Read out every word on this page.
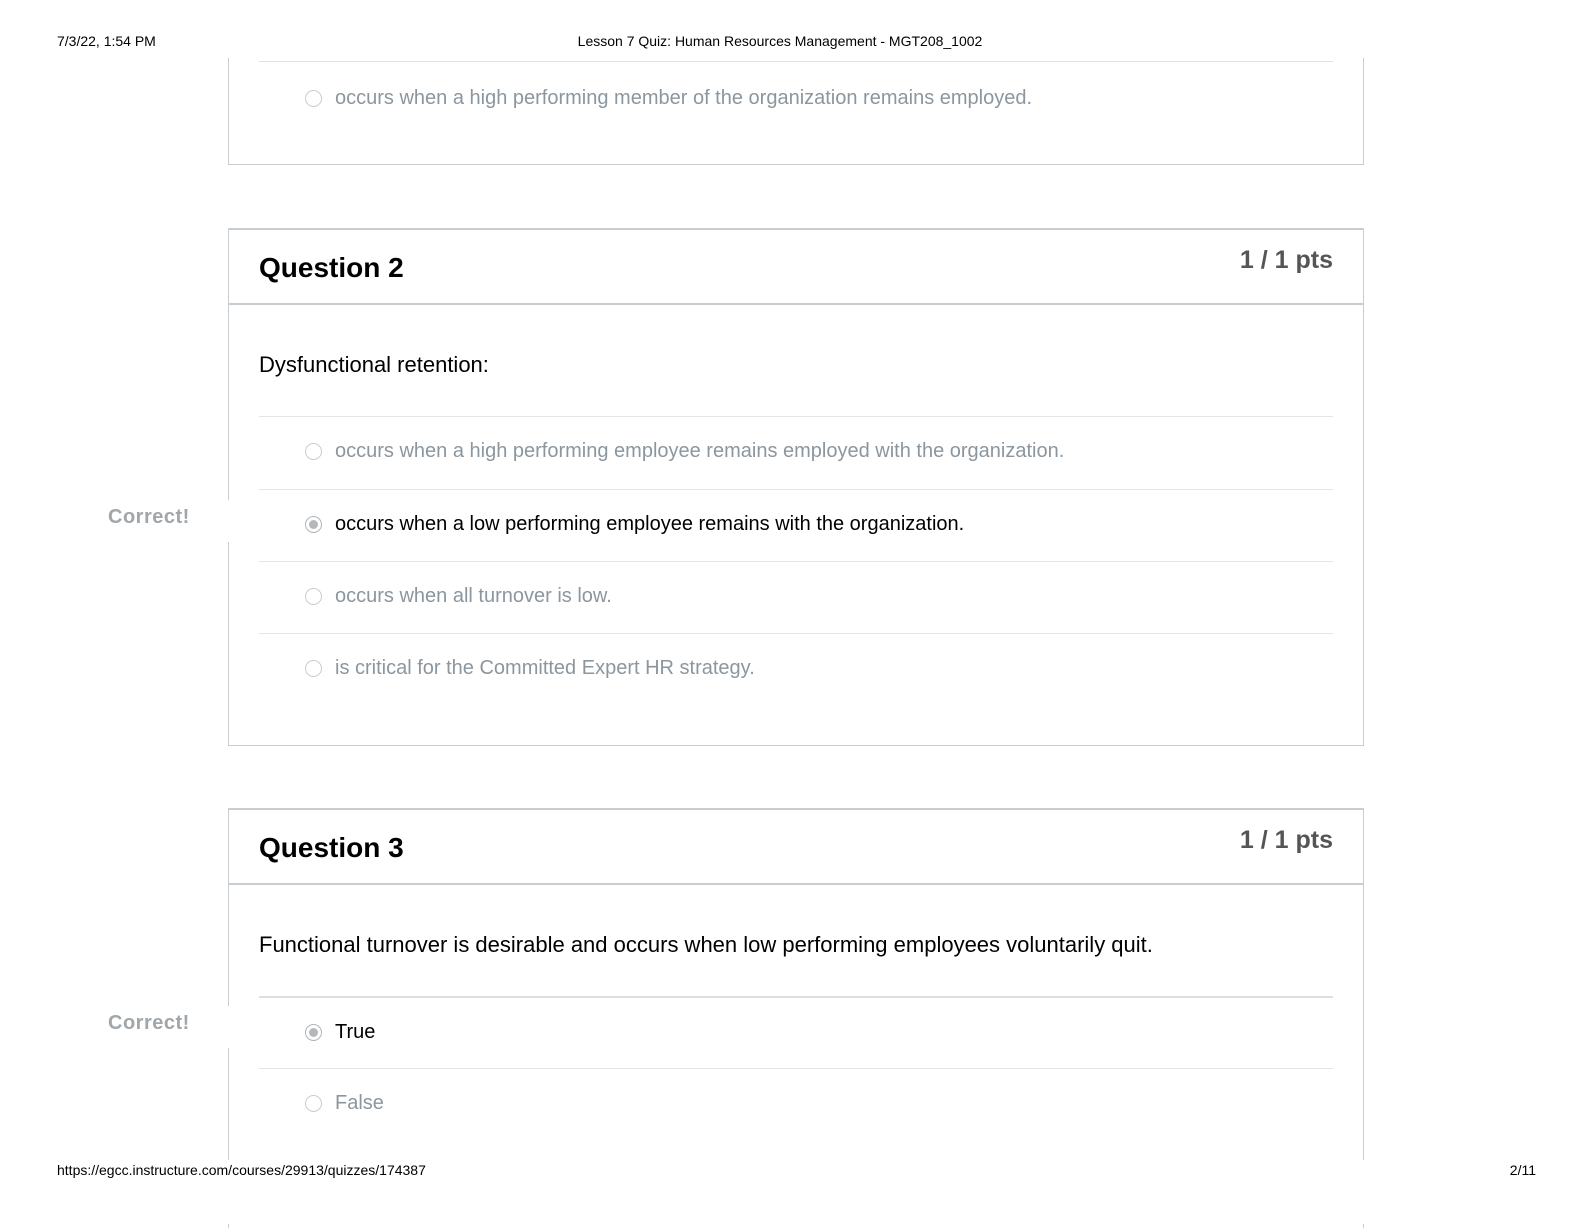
7/3/22, 1:54 PM	Lesson 7 Quiz: Human Resources Management - MGT208_1002
occurs when a high performing member of the organization remains employed.
Question 2	1 / 1 pts
Dysfunctional retention:
occurs when a high performing employee remains employed with the organization.
occurs when a low performing employee remains with the organization.
occurs when all turnover is low.
is critical for the Committed Expert HR strategy.
Correct!
Question 3	1 / 1 pts
Functional turnover is desirable and occurs when low performing employees voluntarily quit.
True
False
Correct!
https://egcc.instructure.com/courses/29913/quizzes/174387	2/11
